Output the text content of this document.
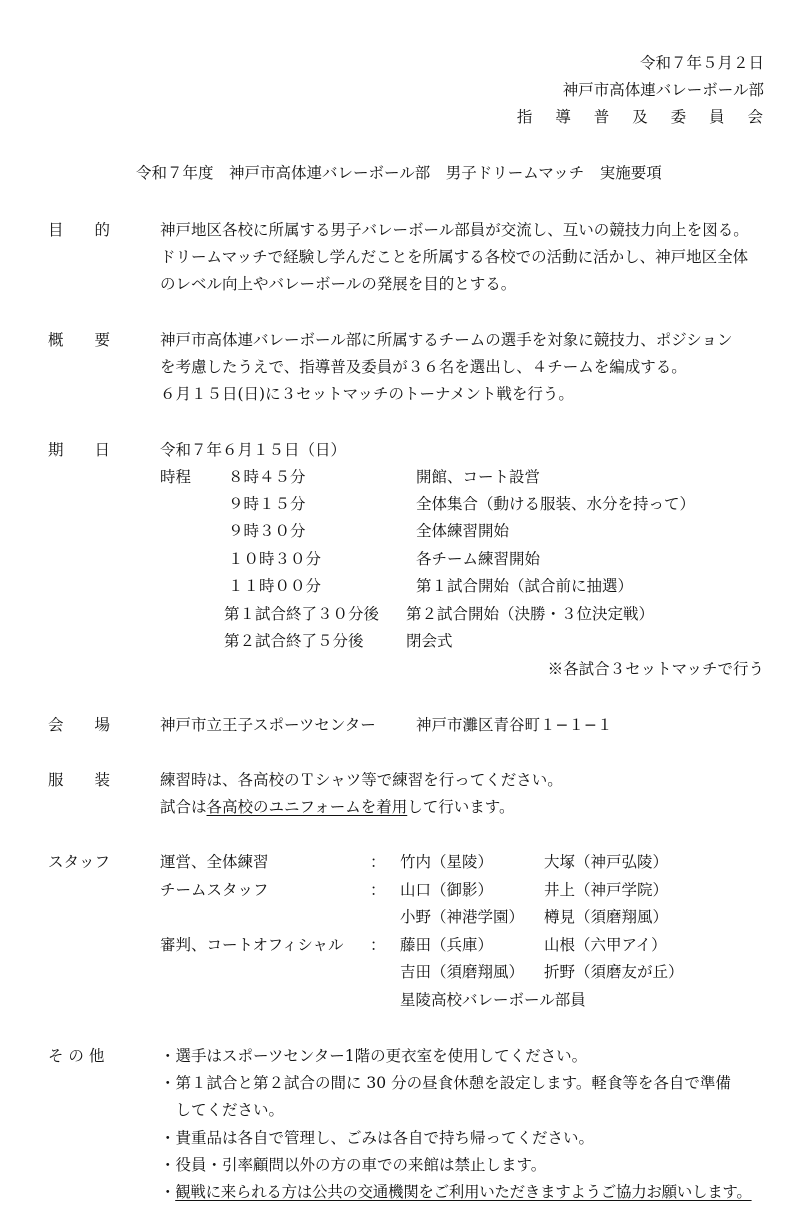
令和７年５月２日
神戸市高体連バレーボール部
指 導 普 及 委 員 会
令和７年度　神戸市高体連バレーボール部　男子ドリームマッチ　実施要項
目　　的	神戸地区各校に所属する男子バレーボール部員が交流し、互いの競技力向上を図る。
ドリームマッチで経験し学んだことを所属する各校での活動に活かし、神戸地区全体
のレベル向上やバレーボールの発展を目的とする。
概　　要	神戸市高体連バレーボール部に所属するチームの選手を対象に競技力、ポジション
を考慮したうえで、指導普及委員が３６名を選出し、４チームを編成する。
６月１５日(日)に３セットマッチのトーナメント戦を行う。
期　　日	令和７年６月１５日（日）
時程 ８時４５分	開館、コート設営
９時１５分	全体集合（動ける服装、水分を持って）
９時３０分	全体練習開始
１０時３０分	各チーム練習開始
１１時００分	第１試合開始（試合前に抽選）
第１試合終了３０分後 第２試合開始（決勝・３位決定戦）
第２試合終了５分後	閉会式
※各試合３セットマッチで行う
会　　場	神戸市立王子スポーツセンター	神戸市灘区青谷町１−１−１
服　　装	練習時は、各高校のＴシャツ等で練習を行ってください。
試合は各高校のユニフォームを着用して行います。
スタッフ	運営、全体練習	： 竹内（星陵）	大塚（神戸弘陵）
チームスタッフ	： 山口（御影）	井上（神戸学院）
小野（神港学園） 樽見（須磨翔風）
審判、コートオフィシャル ： 藤田（兵庫）	山根（六甲アイ）
吉田（須磨翔風） 折野（須磨友が丘）
星陵高校バレーボール部員
そ の 他	・選手はスポーツセンター1階の更衣室を使用してください。
・第１試合と第２試合の間に 30 分の昼食休憩を設定します。軽食等を各自で準備
　してください。
・貴重品は各自で管理し、ごみは各自で持ち帰ってください。
・役員・引率顧問以外の方の車での来館は禁止します。
・観戦に来られる方は公共の交通機関をご利用いただきますようご協力お願いします。
